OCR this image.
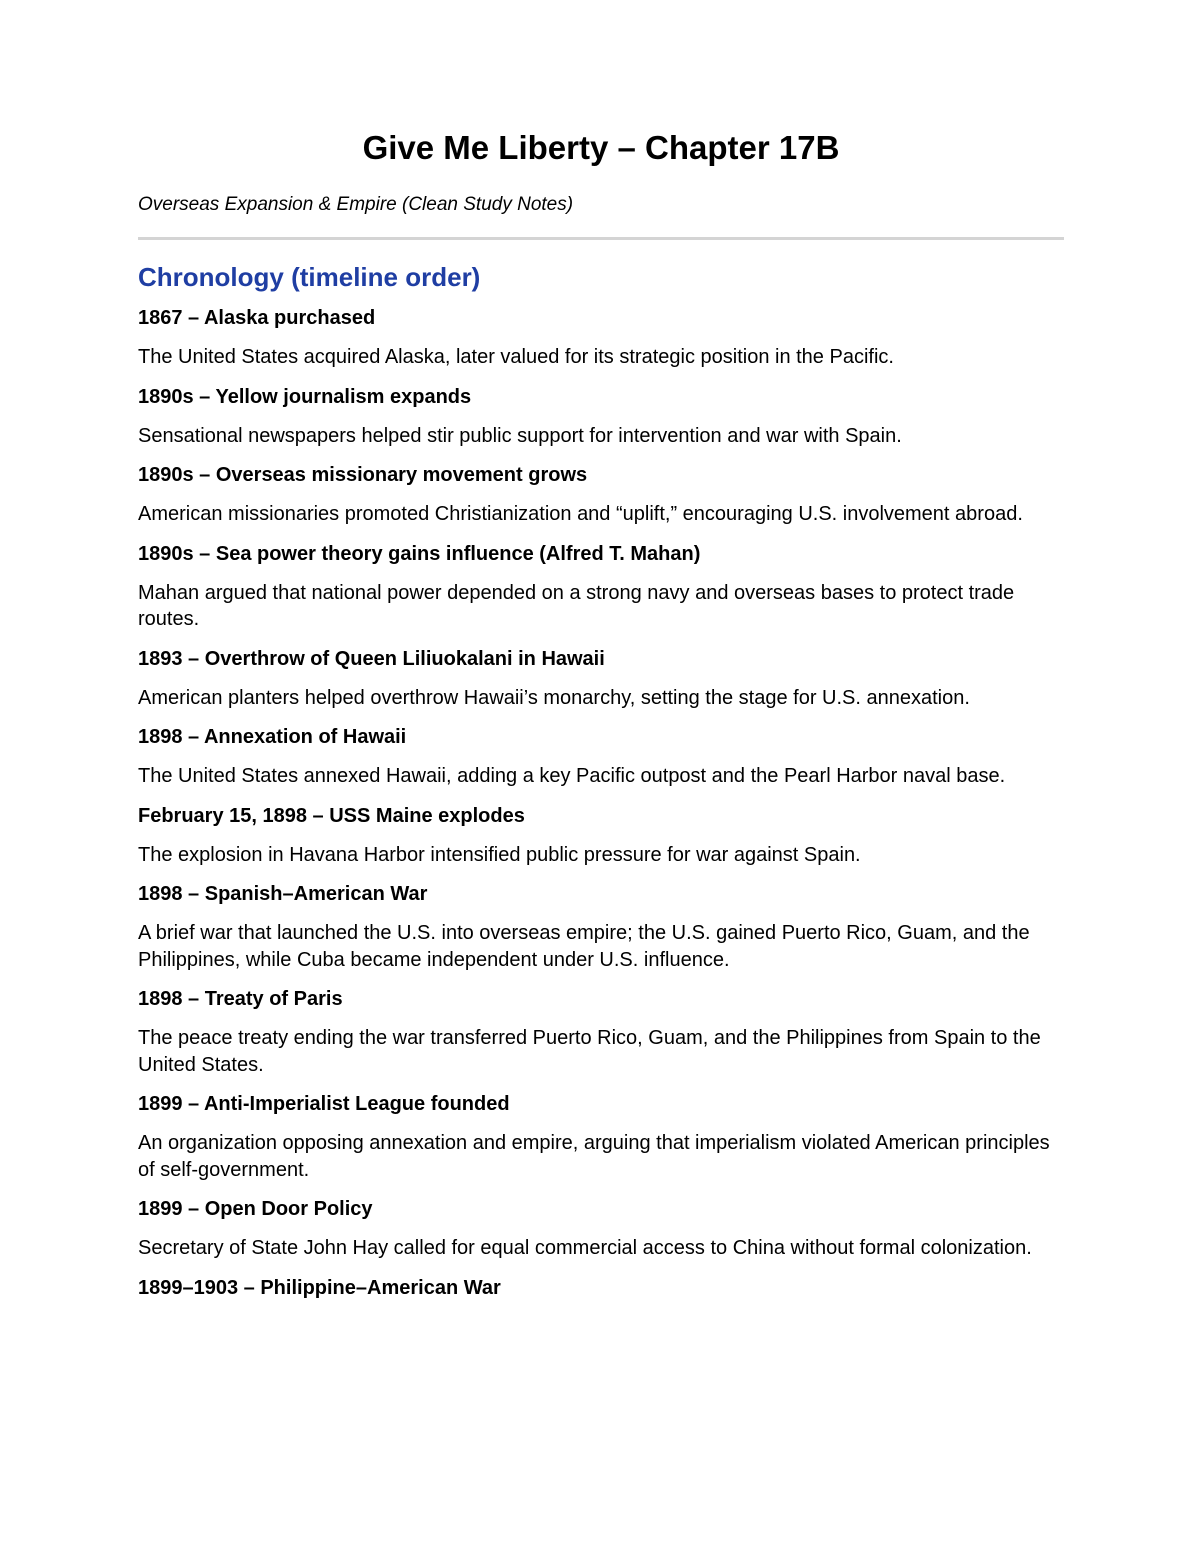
Give Me Liberty – Chapter 17B

Overseas Expansion & Empire (Clean Study Notes)

Chronology (timeline order)

1867 – Alaska purchased

The United States acquired Alaska, later valued for its strategic position in the Pacific.

1890s – Yellow journalism expands

Sensational newspapers helped stir public support for intervention and war with Spain.

1890s – Overseas missionary movement grows

American missionaries promoted Christianization and “uplift,” encouraging U.S. involvement abroad.

1890s – Sea power theory gains influence (Alfred T. Mahan)

Mahan argued that national power depended on a strong navy and overseas bases to protect trade routes.

1893 – Overthrow of Queen Liliuokalani in Hawaii

American planters helped overthrow Hawaii’s monarchy, setting the stage for U.S. annexation.

1898 – Annexation of Hawaii

The United States annexed Hawaii, adding a key Pacific outpost and the Pearl Harbor naval base.

February 15, 1898 – USS Maine explodes

The explosion in Havana Harbor intensified public pressure for war against Spain.

1898 – Spanish–American War

A brief war that launched the U.S. into overseas empire; the U.S. gained Puerto Rico, Guam, and the Philippines, while Cuba became independent under U.S. influence.

1898 – Treaty of Paris

The peace treaty ending the war transferred Puerto Rico, Guam, and the Philippines from Spain to the United States.

1899 – Anti-Imperialist League founded

An organization opposing annexation and empire, arguing that imperialism violated American principles of self-government.

1899 – Open Door Policy

Secretary of State John Hay called for equal commercial access to China without formal colonization.

1899–1903 – Philippine–American War
